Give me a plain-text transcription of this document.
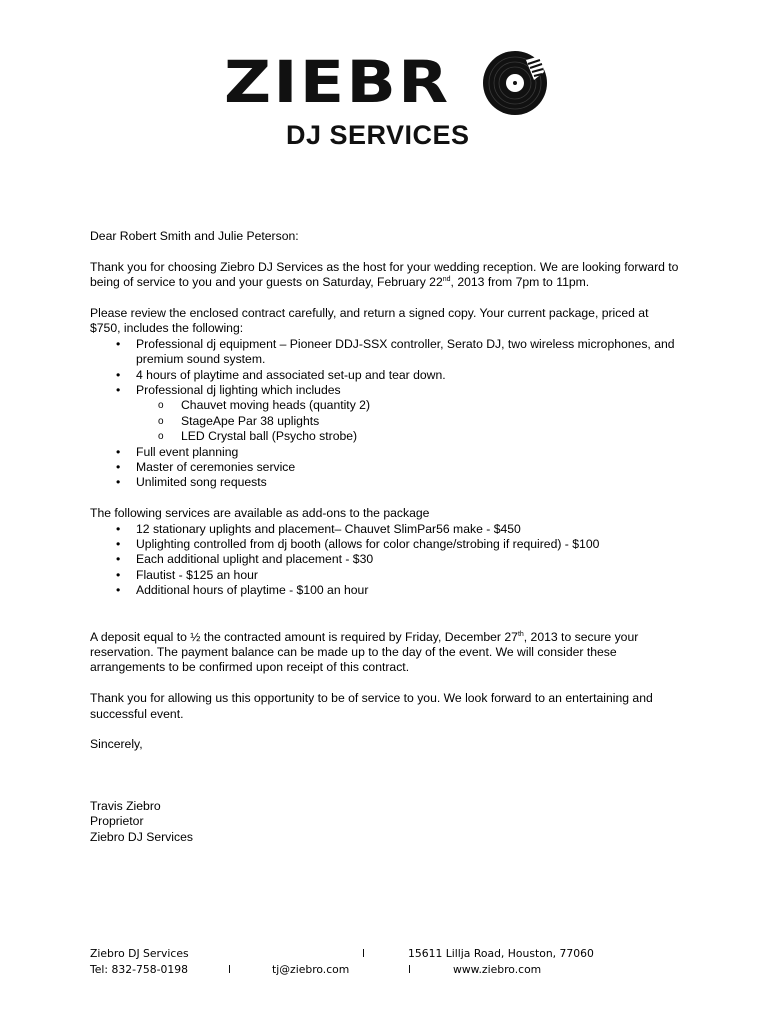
ZIEBR
DJ SERVICES

Dear Robert Smith and Julie Peterson:

Thank you for choosing Ziebro DJ Services as the host for your wedding reception. We are looking forward to being of service to you and your guests on Saturday, February 22nd, 2013 from 7pm to 11pm.

Please review the enclosed contract carefully, and return a signed copy. Your current package, priced at $750, includes the following:

• Professional dj equipment – Pioneer DDJ-SSX controller, Serato DJ, two wireless microphones, and premium sound system.
• 4 hours of playtime and associated set-up and tear down.
• Professional dj lighting which includes
o Chauvet moving heads (quantity 2)
o StageApe Par 38 uplights
o LED Crystal ball (Psycho strobe)
• Full event planning
• Master of ceremonies service
• Unlimited song requests

The following services are available as add-ons to the package

• 12 stationary uplights and placement– Chauvet SlimPar56 make - $450
• Uplighting controlled from dj booth (allows for color change/strobing if required) - $100
• Each additional uplight and placement - $30
• Flautist - $125 an hour
• Additional hours of playtime - $100 an hour

A deposit equal to ½ the contracted amount is required by Friday, December 27th, 2013 to secure your reservation. The payment balance can be made up to the day of the event. We will consider these arrangements to be confirmed upon receipt of this contract.

Thank you for allowing us this opportunity to be of service to you. We look forward to an entertaining and successful event.

Sincerely,

Travis Ziebro

Proprietor

Ziebro DJ Services

Ziebro DJ Services	l	15611 Lillja Road, Houston, 77060
Tel: 832-758-0198	l	tj@ziebro.com	l	www.ziebro.com
